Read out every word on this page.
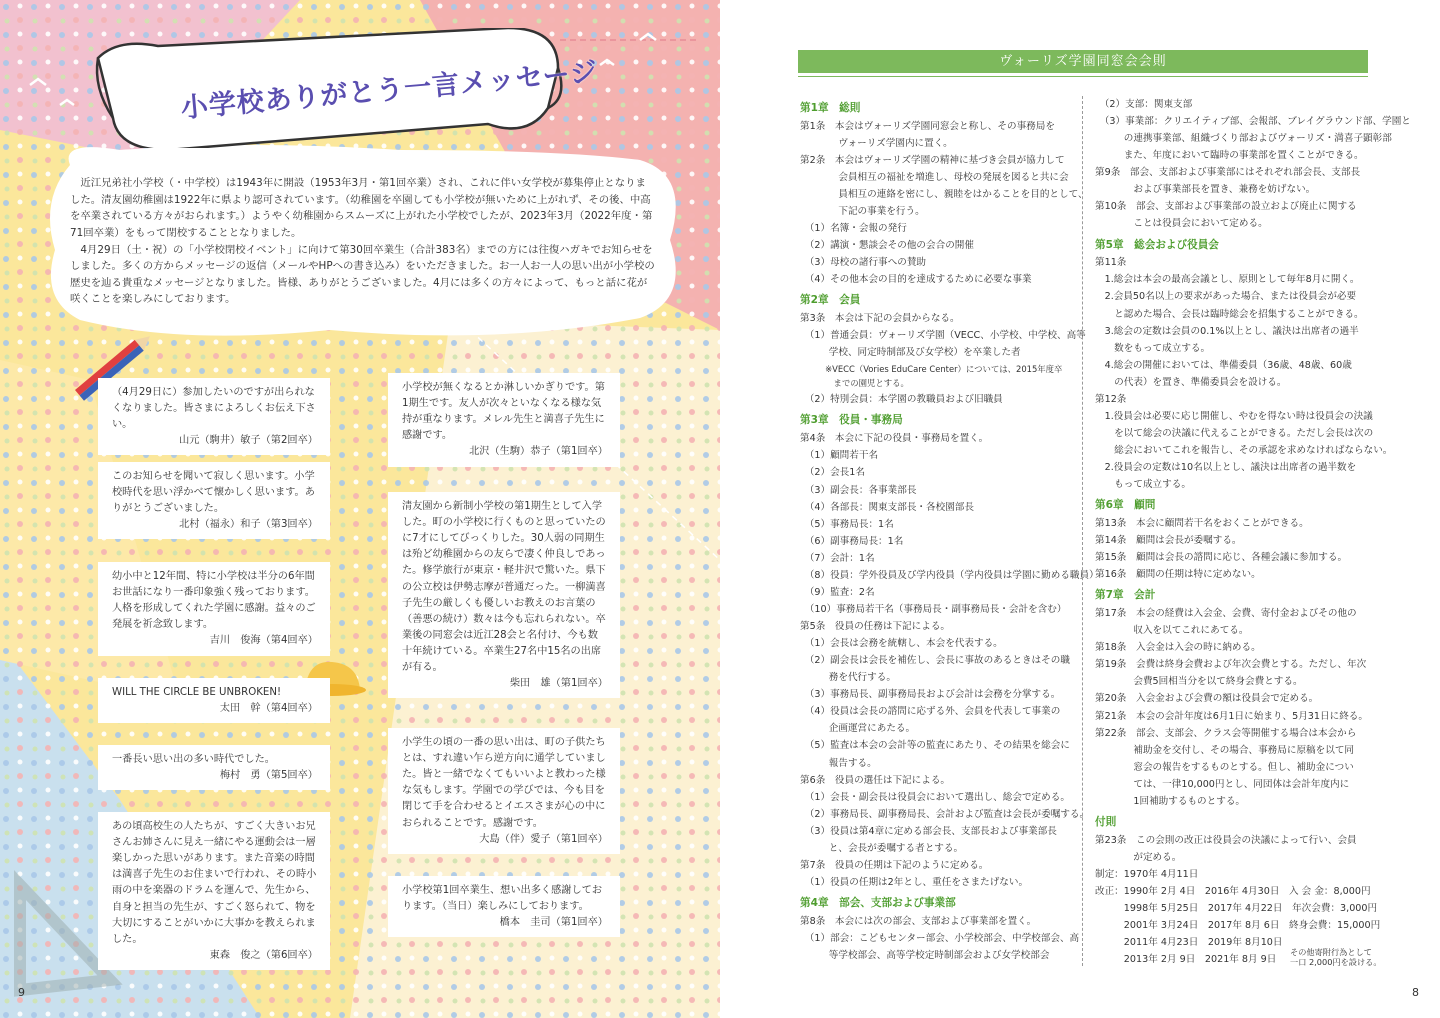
小学校ありがとう一言メッセージ

近江兄弟社小学校（・中学校）は1943年に開設（1953年3月・第1回卒業）され、これに伴い女学校が募集停止となりました。清友園幼稚園は1922年に県より認可されています。（幼稚園を卒園しても小学校が無いために上がれず、その後、中高を卒業されている方々がおられます。）ようやく幼稚園からスムーズに上がれた小学校でしたが、2023年3月（2022年度・第71回卒業）をもって閉校することとなりました。

4月29日（土・祝）の「小学校閉校イベント」に向けて第30回卒業生（合計383名）までの方には往復ハガキでお知らせをしました。多くの方からメッセージの返信（メールやHPへの書き込み）をいただきました。お一人お一人の思い出が小学校の歴史を辿る貴重なメッセージとなりました。皆様、ありがとうございました。4月には多くの方々によって、もっと話に花が咲くことを楽しみにしております。

（4月29日に）参加したいのですが出られなくなりました。皆さまによろしくお伝え下さい。
山元（駒井）敏子（第2回卒）
このお知らせを聞いて寂しく思います。小学校時代を思い浮かべて懐かしく思います。ありがとうございました。
北村（福永）和子（第3回卒）
幼小中と12年間、特に小学校は半分の6年間お世話になり一番印象強く残っております。人格を形成してくれた学園に感謝。益々のご発展を祈念致します。
吉川　俊海（第4回卒）
WILL THE CIRCLE BE UNBROKEN!
太田　幹（第4回卒）
一番長い思い出の多い時代でした。
梅村　勇（第5回卒）
あの頃高校生の人たちが、すごく大きいお兄さんお姉さんに見え一緒にやる運動会は一層楽しかった思いがあります。また音楽の時間は満喜子先生のお住まいで行われ、その時小雨の中を楽器のドラムを運んで、先生から、自身と担当の先生が、すごく怒られて、物を大切にすることがいかに大事かを教えられました。
東森　俊之（第6回卒）
小学校が無くなるとか淋しいかぎりです。第1期生です。友人が次々といなくなる様な気持が重なります。メレル先生と満喜子先生に感謝です。
北沢（生駒）恭子（第1回卒）
清友園から新制小学校の第1期生として入学した。町の小学校に行くものと思っていたのに7才にしてびっくりした。30人弱の同期生は殆ど幼稚園からの友らで凄く仲良しであった。修学旅行が東京・軽井沢で驚いた。県下の公立校は伊勢志摩が普通だった。一柳満喜子先生の厳しくも優しいお教えのお言葉の（善悪の続け）数々は今も忘れられない。卒業後の同窓会は近江28会と名付け、今も数十年続けている。卒業生27名中15名の出席が有る。
柴田　雄（第1回卒）
小学生の頃の一番の思い出は、町の子供たちとは、すれ違い乍ら逆方向に通学していました。皆と一緒でなくてもいいよと教わった様な気もします。学園での学びでは、今も目を閉じて手を合わせるとイエスさまが心の中におられることです。感謝です。
大島（伴）愛子（第1回卒）
小学校第1回卒業生、想い出多く感謝しております。（当日）楽しみにしております。
橋本　圭司（第1回卒）
9
ヴォーリズ学園同窓会会則
第1章　総則
第1条　本会はヴォーリズ学園同窓会と称し、その事務局を
　　　　ヴォーリズ学園内に置く。
第2条　本会はヴォーリズ学園の精神に基づき会員が協力して
　　　　会員相互の福祉を増進し、母校の発展を図ると共に会
　　　　員相互の連絡を密にし、親睦をはかることを目的として、
　　　　下記の事業を行う。
　（1）名簿・会報の発行
　（2）講演・懇談会その他の会合の開催
　（3）母校の諸行事への賛助
　（4）その他本会の目的を達成するために必要な事業
第2章　会員
第3条　本会は下記の会員からなる。
　（1）普通会員：ヴォーリズ学園（VECC、小学校、中学校、高等
　　　学校、同定時制部及び女学校）を卒業した者
　　　※VECC（Vories EduCare Center）については、2015年度卒
　　　　までの園児とする。
　（2）特別会員：本学園の教職員および旧職員
第3章　役員・事務局
第4条　本会に下記の役員・事務局を置く。
　（1）顧問若干名
　（2）会長1名
　（3）副会長：各事業部長
　（4）各部長：関東支部長・各校園部長
　（5）事務局長：1名
　（6）副事務局長：1名
　（7）会計：1名
　（8）役員：学外役員及び学内役員（学内役員は学園に勤める職員）
　（9）監査：2名
　（10）事務局若干名（事務局長・副事務局長・会計を含む）
第5条　役員の任務は下記による。
　（1）会長は会務を統轄し、本会を代表する。
　（2）副会長は会長を補佐し、会長に事故のあるときはその職
　　　務を代行する。
　（3）事務局長、副事務局長および会計は会務を分掌する。
　（4）役員は会長の諮問に応ずる外、会員を代表して事業の
　　　企画運営にあたる。
　（5）監査は本会の会計等の監査にあたり、その結果を総会に
　　　報告する。
第6条　役員の選任は下記による。
　（1）会長・副会長は役員会において選出し、総会で定める。
　（2）事務局長、副事務局長、会計および監査は会長が委嘱する。
　（3）役員は第4章に定める部会長、支部長および事業部長
　　　と、会長が委嘱する者とする。
第7条　役員の任期は下記のように定める。
　（1）役員の任期は2年とし、重任をさまたげない。
第4章　部会、支部および事業部
第8条　本会には次の部会、支部および事業部を置く。
　（1）部会：こどもセンター部会、小学校部会、中学校部会、高
　　　等学校部会、高等学校定時制部会および女学校部会
　（2）支部：関東支部
　（3）事業部：クリエイティブ部、会報部、ブレイグラウンド部、学園と
　　　の連携事業部、組織づくり部およびヴォーリズ・満喜子顕彰部
　　　また、年度において臨時の事業部を置くことができる。
第9条　部会、支部および事業部にはそれぞれ部会長、支部長
　　　　および事業部長を置き、兼務を妨げない。
第10条　部会、支部および事業部の設立および廃止に関する
　　　　ことは役員会において定める。
第5章　総会および役員会
第11条
　1.総会は本会の最高会議とし、原則として毎年8月に開く。
　2.会員50名以上の要求があった場合、または役員会が必要
　　と認めた場合、会長は臨時総会を招集することができる。
　3.総会の定数は会員の0.1%以上とし、議決は出席者の過半
　　数をもって成立する。
　4.総会の開催においては、準備委員（36歳、48歳、60歳
　　の代表）を置き、準備委員会を設ける。
第12条
　1.役員会は必要に応じ開催し、やむを得ない時は役員会の決議
　　を以て総会の決議に代えることができる。ただし会長は次の
　　総会においてこれを報告し、その承認を求めなければならない。
　2.役員会の定数は10名以上とし、議決は出席者の過半数を
　　もって成立する。
第6章　顧問
第13条　本会に顧問若干名をおくことができる。
第14条　顧問は会長が委嘱する。
第15条　顧問は会長の諮問に応じ、各種会議に参加する。
第16条　顧問の任期は特に定めない。
第7章　会計
第17条　本会の経費は入会金、会費、寄付金およびその他の
　　　　収入を以てこれにあてる。
第18条　入会金は入会の時に納める。
第19条　会費は終身会費および年次会費とする。ただし、年次
　　　　会費5回相当分を以て終身会費とする。
第20条　入会金および会費の額は役員会で定める。
第21条　本会の会計年度は6月1日に始まり、5月31日に終る。
第22条　部会、支部会、クラス会等開催する場合は本会から
　　　　補助金を交付し、その場合、事務局に原稿を以て同
　　　　窓会の報告をするものとする。但し、補助金につい
　　　　ては、一律10,000円とし、同団体は会計年度内に
　　　　1回補助するものとする。
付則
第23条　この会則の改正は役員会の決議によって行い、会員
　　　　が定める。
制定：1970年 4月11日
改正：1990年 2月 4日　2016年 4月30日　入 会 金：8,000円
　　　1998年 5月25日　2017年 4月22日　年次会費：3,000円
　　　2001年 3月24日　2017年 8月 6日　終身会費：15,000円
　　　2011年 4月23日　2019年 8月10日
　　　2013年 2月 9日　2021年 8月 9日
その他寄附行為として
一口 2,000円を設ける。
8
